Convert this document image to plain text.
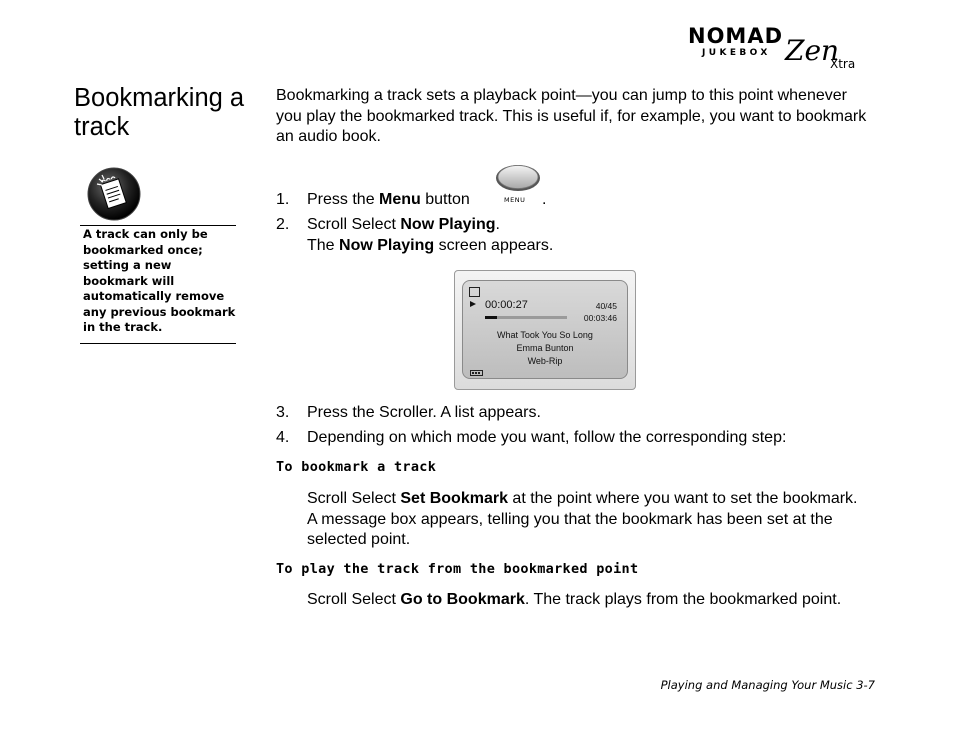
NOMAD
JUKEBOX Zen
Xtra
Bookmarking a track
A track can only be bookmarked once; setting a new bookmark will automatically remove any previous bookmark in the track.

Bookmarking a track sets a playback point—you can jump to this point whenever you play the bookmarked track. This is useful if, for example, you want to bookmark an audio book.

1. Press the Menu button	.
MENU
2. Scroll Select Now Playing.
The Now Playing screen appears.
00:00:27	40/45
00:03:46
What Took You So Long
Emma Bunton
Web-Rip
3. Press the Scroller. A list appears.
4. Depending on which mode you want, follow the corresponding step:
To bookmark a track
Scroll Select Set Bookmark at the point where you want to set the bookmark. A message box appears, telling you that the bookmark has been set at the selected point.
To play the track from the bookmarked point
Scroll Select Go to Bookmark. The track plays from the bookmarked point.
Playing and Managing Your Music 3-7
